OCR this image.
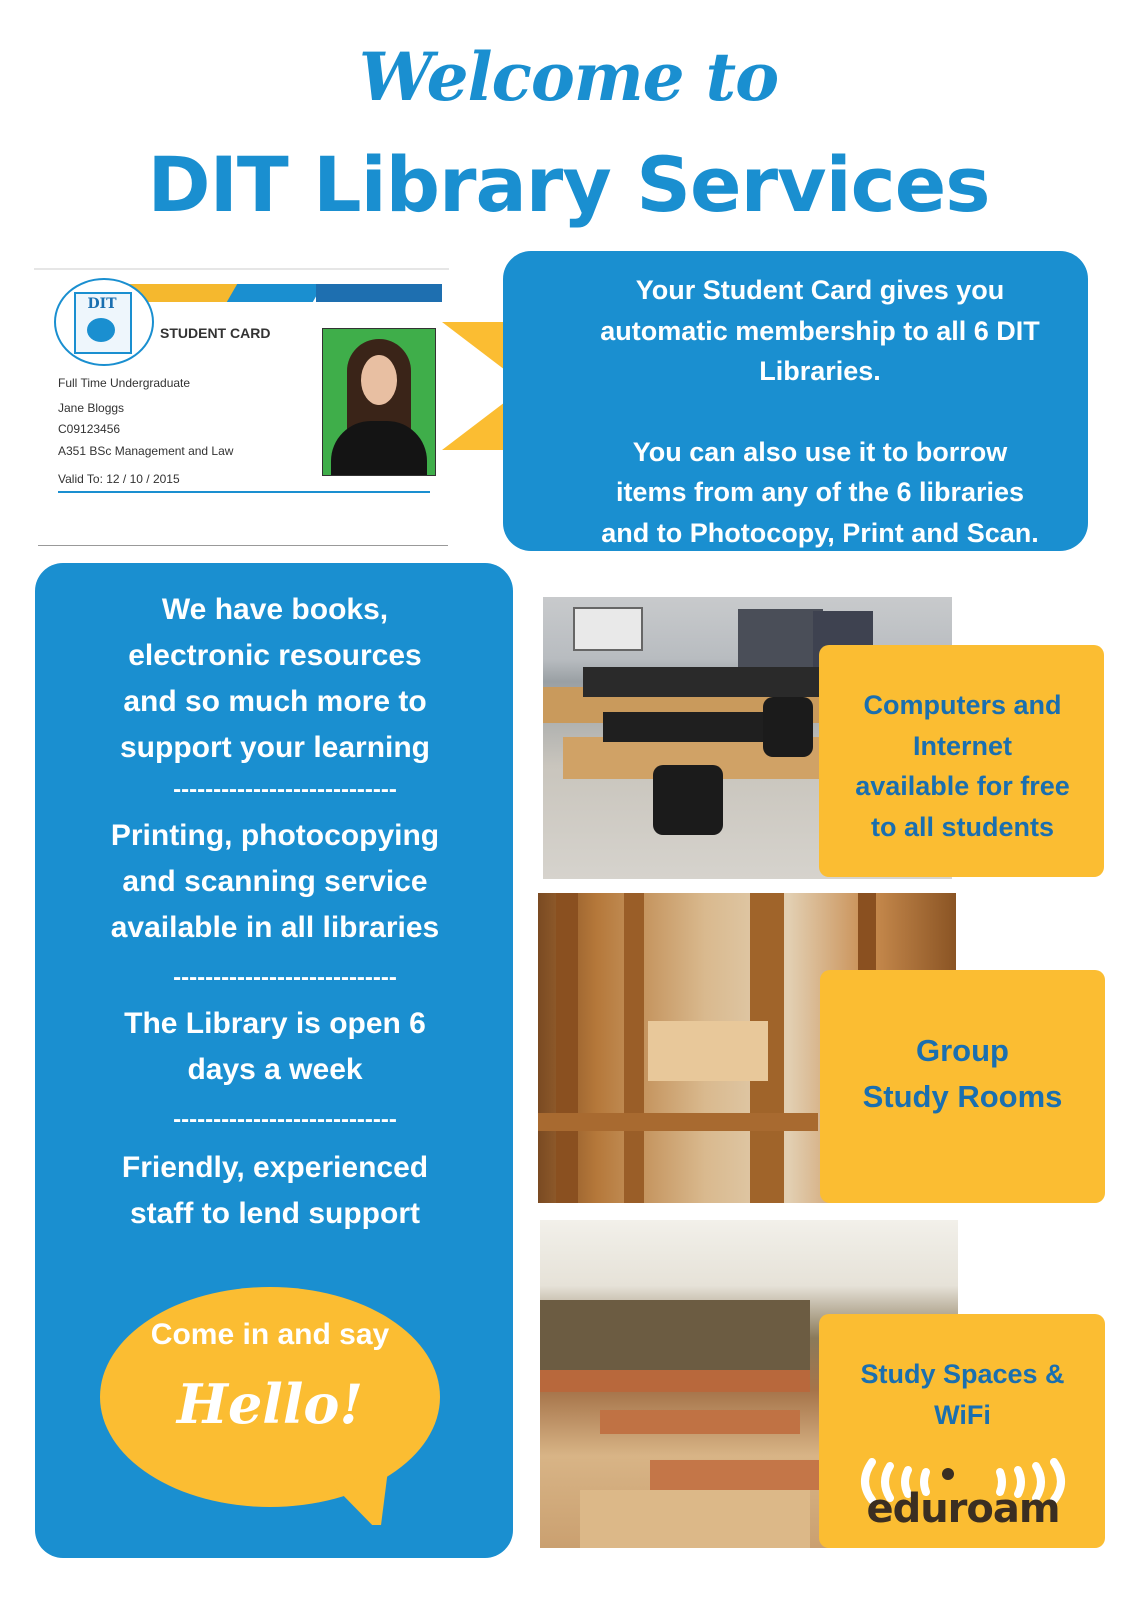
Welcome to
DIT Library Services
DIT
STUDENT CARD
Full Time Undergraduate
Jane Bloggs
C09123456
A351 BSc Management and Law
Valid To: 12 / 10 / 2015
Your Student Card gives you
automatic membership to all 6 DIT
Libraries.
You can also use it to borrow
items from any of the 6 libraries
and to Photocopy, Print and Scan.
We have books,
electronic resources
and so much more to
support your learning
----------------------------
Printing, photocopying
and scanning service
available in all libraries
----------------------------
The Library is open 6
days a week
----------------------------
Friendly, experienced
staff to lend support
Come in and say
Hello!
Computers and
Internet
available for free
to all students
Group
Study Rooms
Study Spaces &
WiFi
eduroam
